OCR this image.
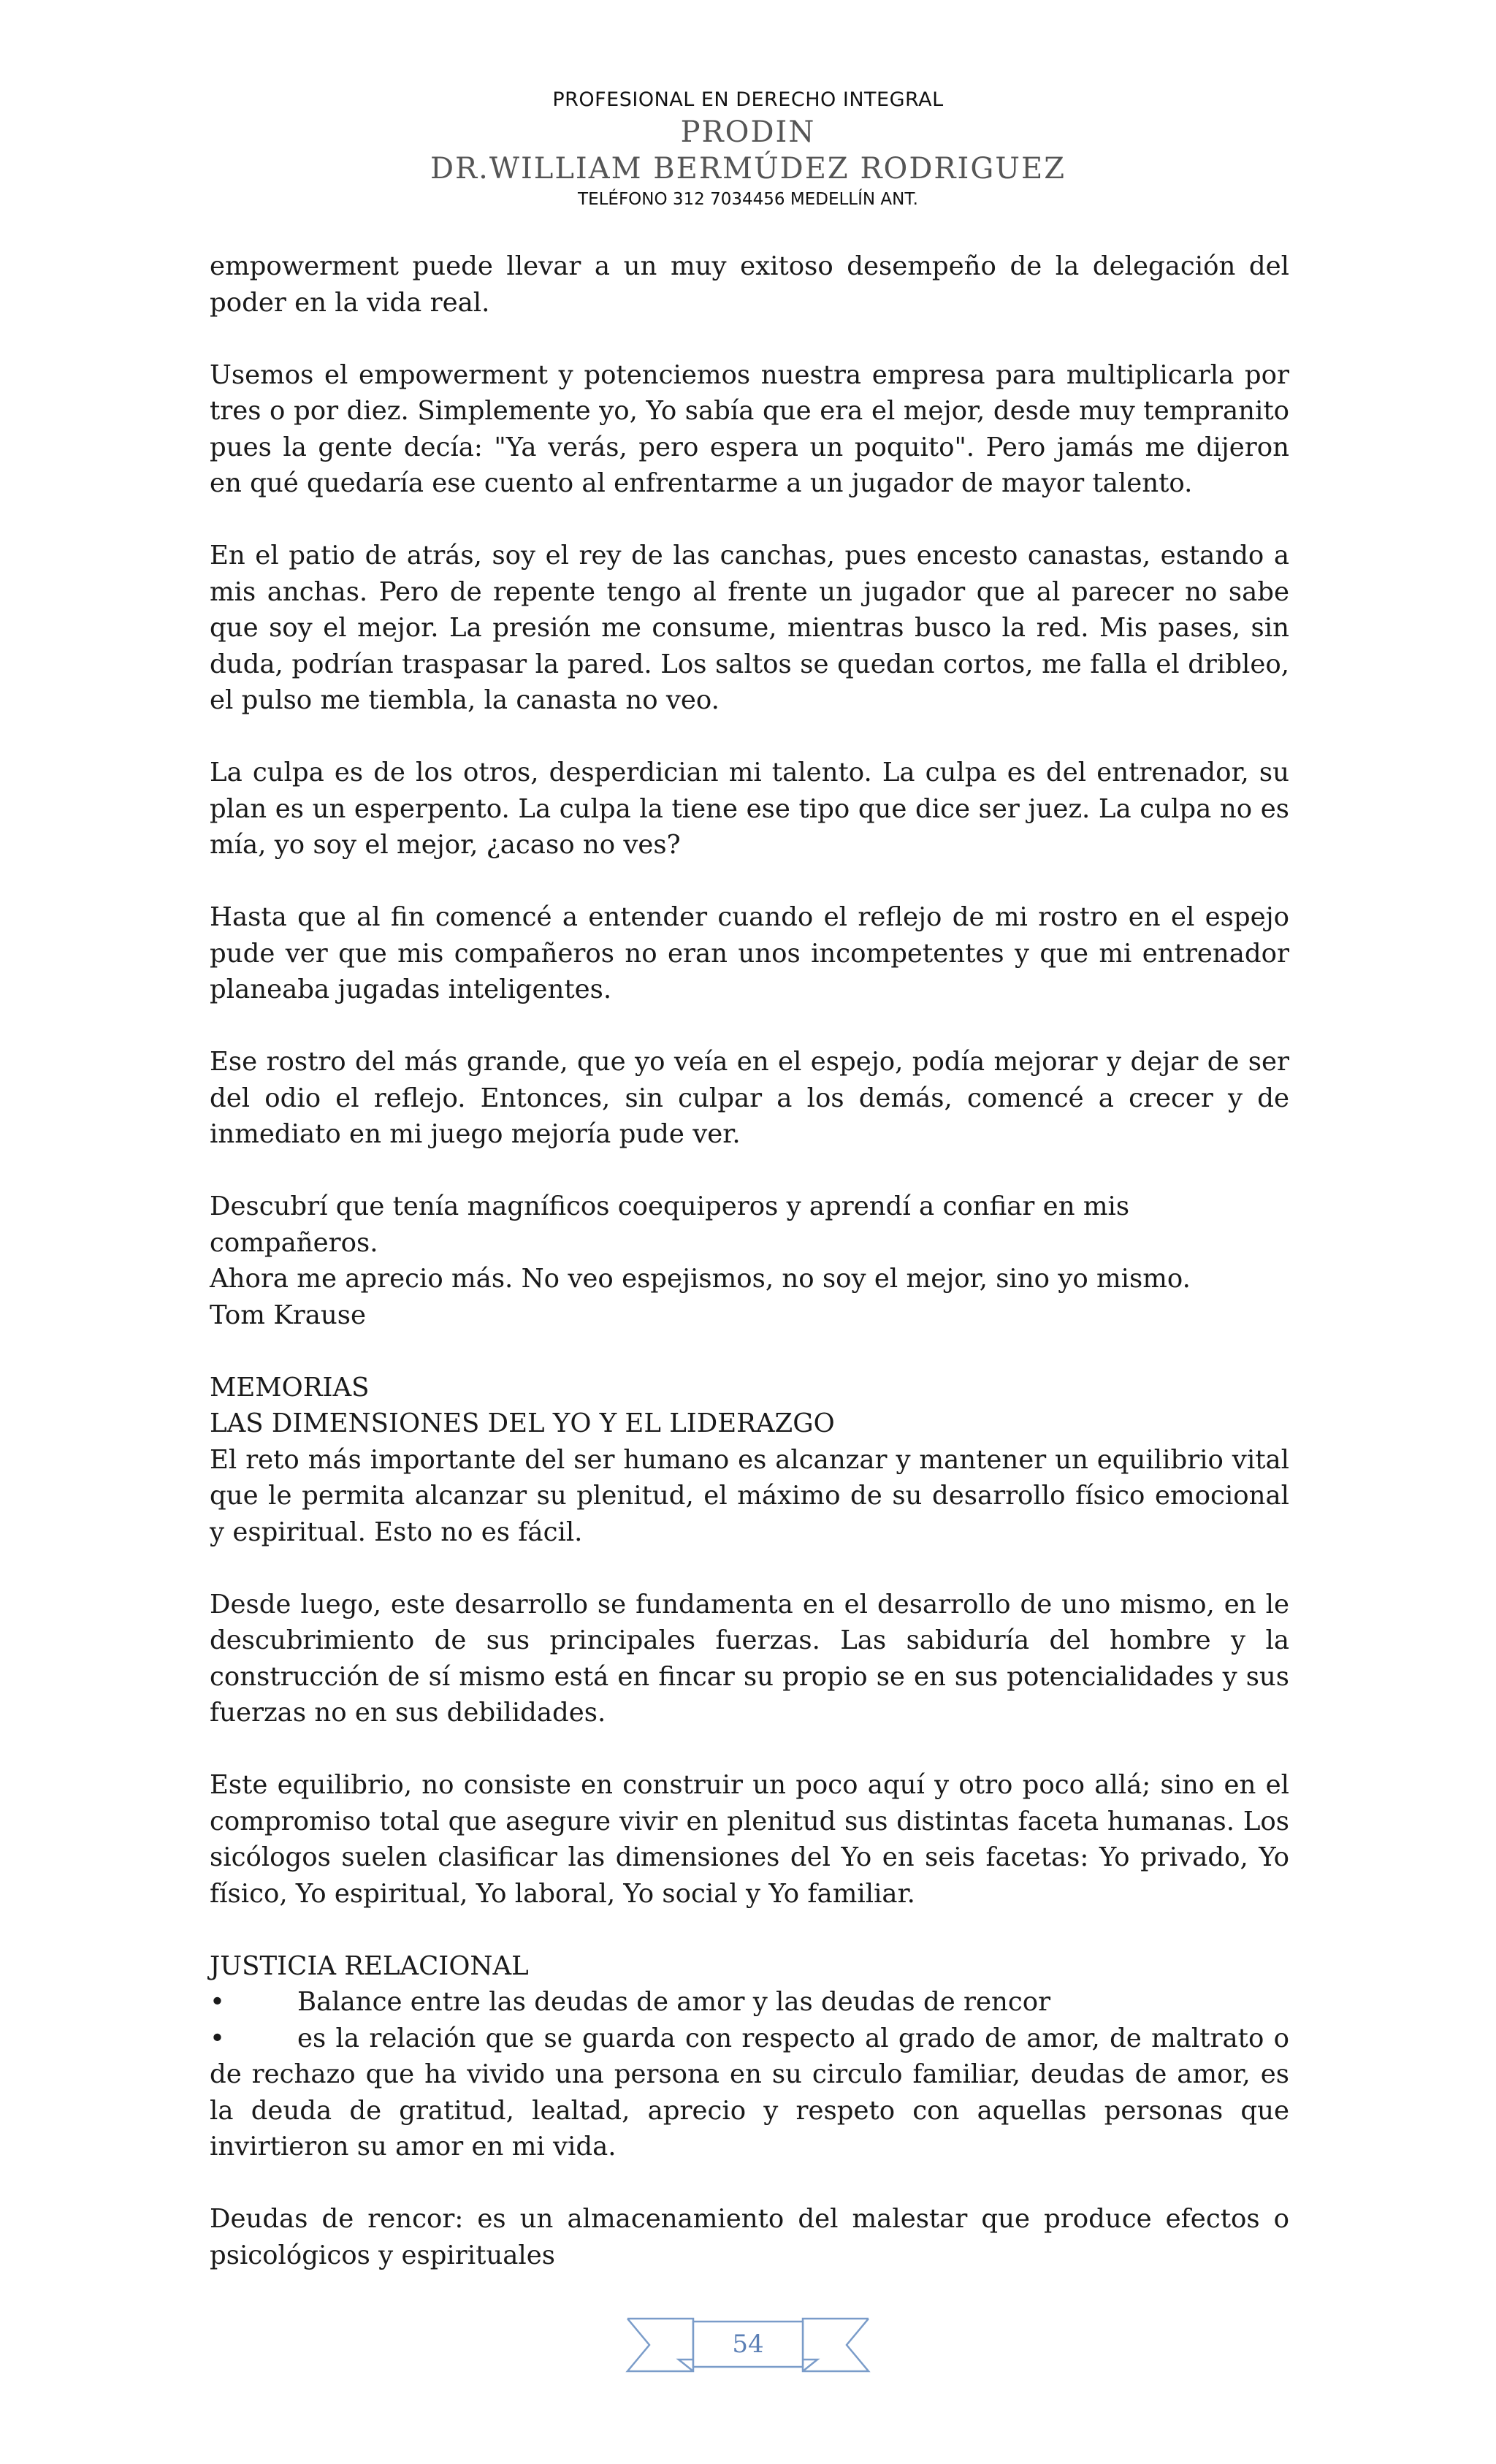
PROFESIONAL EN DERECHO INTEGRAL
PRODIN
DR.WILLIAM BERMÚDEZ RODRIGUEZ
TELÉFONO 312 7034456 MEDELLÍN ANT.

empowerment puede llevar a un muy exitoso desempeño de la delegación del poder en la vida real.

Usemos el empowerment y potenciemos nuestra empresa para multiplicarla por tres o por diez. Simplemente yo, Yo sabía que era el mejor, desde muy tempranito pues la gente decía: "Ya verás, pero espera un poquito". Pero jamás me dijeron en qué quedaría ese cuento al enfrentarme a un jugador de mayor talento.

En el patio de atrás, soy el rey de las canchas, pues encesto canastas, estando a mis anchas. Pero de repente tengo al frente un jugador que al parecer no sabe que soy el mejor. La presión me consume, mientras busco la red. Mis pases, sin duda, podrían traspasar la pared. Los saltos se quedan cortos, me falla el dribleo, el pulso me tiembla, la canasta no veo.

La culpa es de los otros, desperdician mi talento. La culpa es del entrenador, su plan es un esperpento. La culpa la tiene ese tipo que dice ser juez. La culpa no es mía, yo soy el mejor, ¿acaso no ves?

Hasta que al fin comencé a entender cuando el reflejo de mi rostro en el espejo pude ver que mis compañeros no eran unos incompetentes y que mi entrenador planeaba jugadas inteligentes.

Ese rostro del más grande, que yo veía en el espejo, podía mejorar y dejar de ser del odio el reflejo. Entonces, sin culpar a los demás, comencé a crecer y de inmediato en mi juego mejoría pude ver.

Descubrí que tenía magníficos coequiperos y aprendí a confiar en mis compañeros.
Ahora me aprecio más. No veo espejismos, no soy el mejor, sino yo mismo.
Tom Krause

MEMORIAS

LAS DIMENSIONES DEL YO Y EL LIDERAZGO

El reto más importante del ser humano es alcanzar y mantener un equilibrio vital que le permita alcanzar su plenitud, el máximo de su desarrollo físico emocional y espiritual. Esto no es fácil.

Desde luego, este desarrollo se fundamenta en el desarrollo de uno mismo, en le descubrimiento de sus principales fuerzas. Las sabiduría del hombre y la construcción de sí mismo está en fincar su propio se en sus potencialidades y sus fuerzas no en sus debilidades.

Este equilibrio, no consiste en construir un poco aquí y otro poco allá; sino en el compromiso total que asegure vivir en plenitud sus distintas faceta humanas. Los sicólogos suelen clasificar las dimensiones del Yo en seis facetas: Yo privado, Yo físico, Yo espiritual, Yo laboral, Yo social y Yo familiar.

JUSTICIA RELACIONAL

•	Balance entre las deudas de amor y las deudas de rencor
•	es la relación que se guarda con respecto al grado de amor, de maltrato o de rechazo que ha vivido una persona en su circulo familiar, deudas de amor, es la deuda de gratitud, lealtad, aprecio y respeto con aquellas personas que invirtieron su amor en mi vida.

Deudas de rencor: es un almacenamiento del malestar que produce efectos o psicológicos y espirituales

54
